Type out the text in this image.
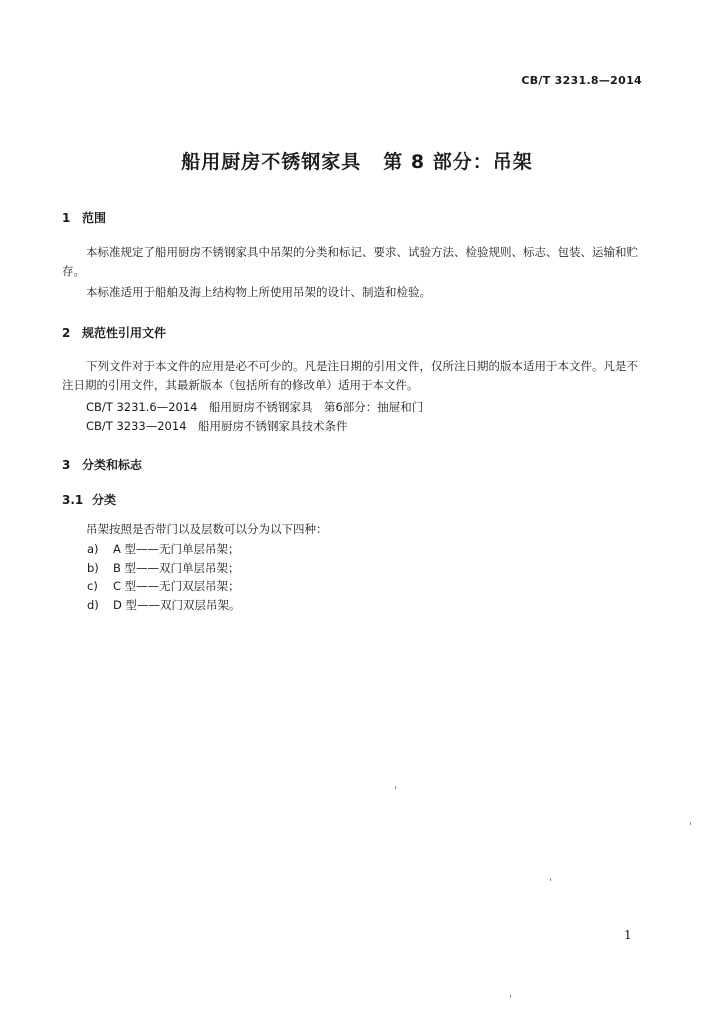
CB/T 3231.8—2014
船用厨房不锈钢家具 第 8 部分：吊架
1 范围
本标准规定了船用厨房不锈钢家具中吊架的分类和标记、要求、试验方法、检验规则、标志、包装、运输和贮存。
本标准适用于船舶及海上结构物上所使用吊架的设计、制造和检验。
2 规范性引用文件
下列文件对于本文件的应用是必不可少的。凡是注日期的引用文件，仅所注日期的版本适用于本文件。凡是不注日期的引用文件，其最新版本（包括所有的修改单）适用于本文件。
CB/T 3231.6—2014　船用厨房不锈钢家具　第6部分：抽屉和门
CB/T 3233—2014　船用厨房不锈钢家具技术条件
3 分类和标志
3.1 分类
吊架按照是否带门以及层数可以分为以下四种：
a) A 型——无门单层吊架；
b) B 型——双门单层吊架；
c) C 型——无门双层吊架；
d) D 型——双门双层吊架。
1
